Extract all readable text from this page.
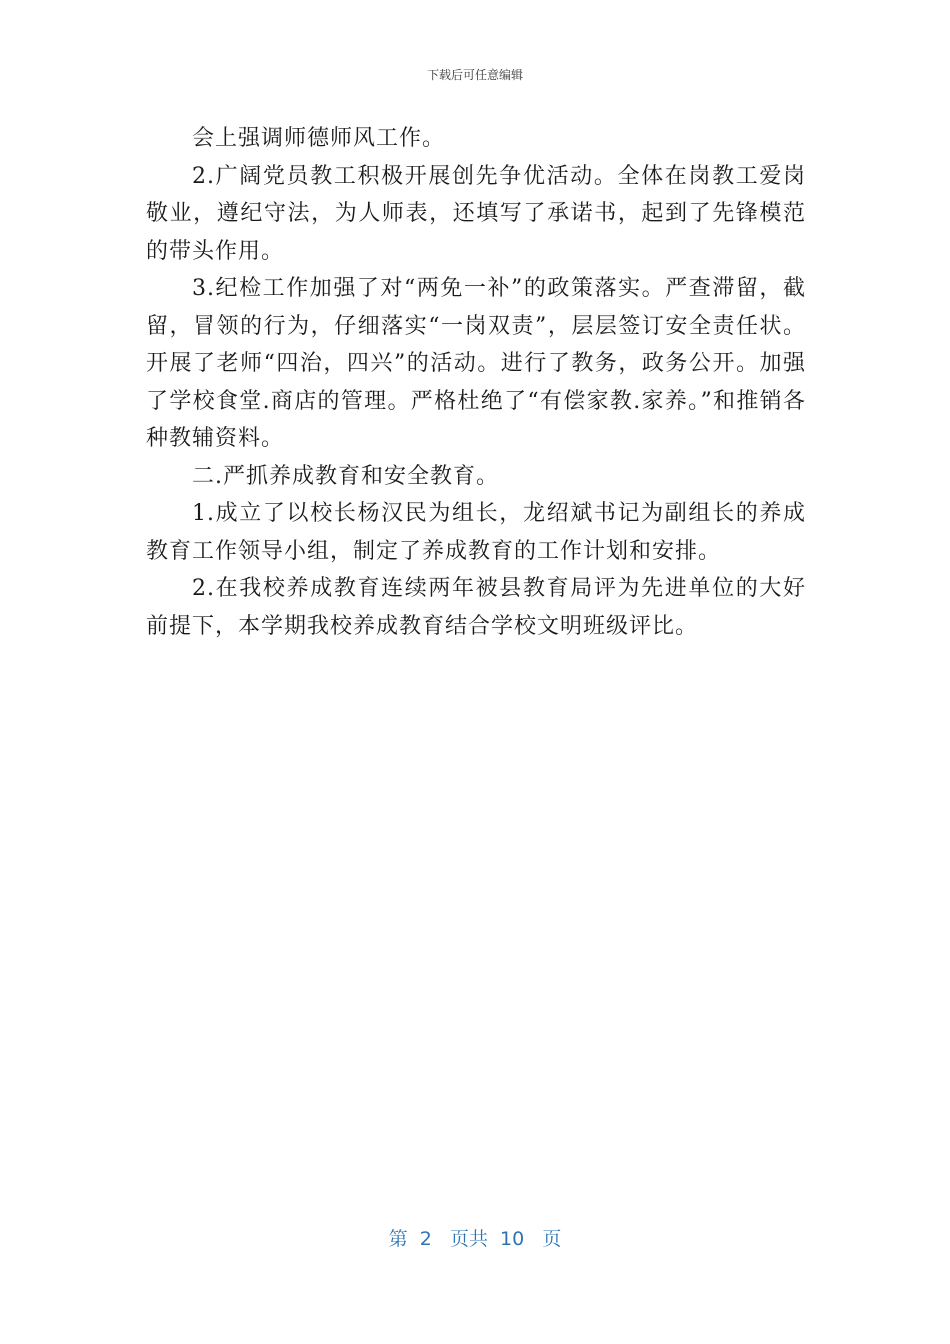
下载后可任意编辑

会上强调师德师风工作。

2.广阔党员教工积极开展创先争优活动。全体在岗教工爱岗敬业，遵纪守法，为人师表，还填写了承诺书，起到了先锋模范的带头作用。

3.纪检工作加强了对“两免一补”的政策落实。严查滞留，截留，冒领的行为，仔细落实“一岗双责”，层层签订安全责任状。开展了老师“四治，四兴”的活动。进行了教务，政务公开。加强了学校食堂.商店的管理。严格杜绝了“有偿家教.家养。”和推销各种教辅资料。

二.严抓养成教育和安全教育。

1.成立了以校长杨汉民为组长，龙绍斌书记为副组长的养成教育工作领导小组，制定了养成教育的工作计划和安排。

2.在我校养成教育连续两年被县教育局评为先进单位的大好前提下，本学期我校养成教育结合学校文明班级评比。

第  2   页共  10   页
